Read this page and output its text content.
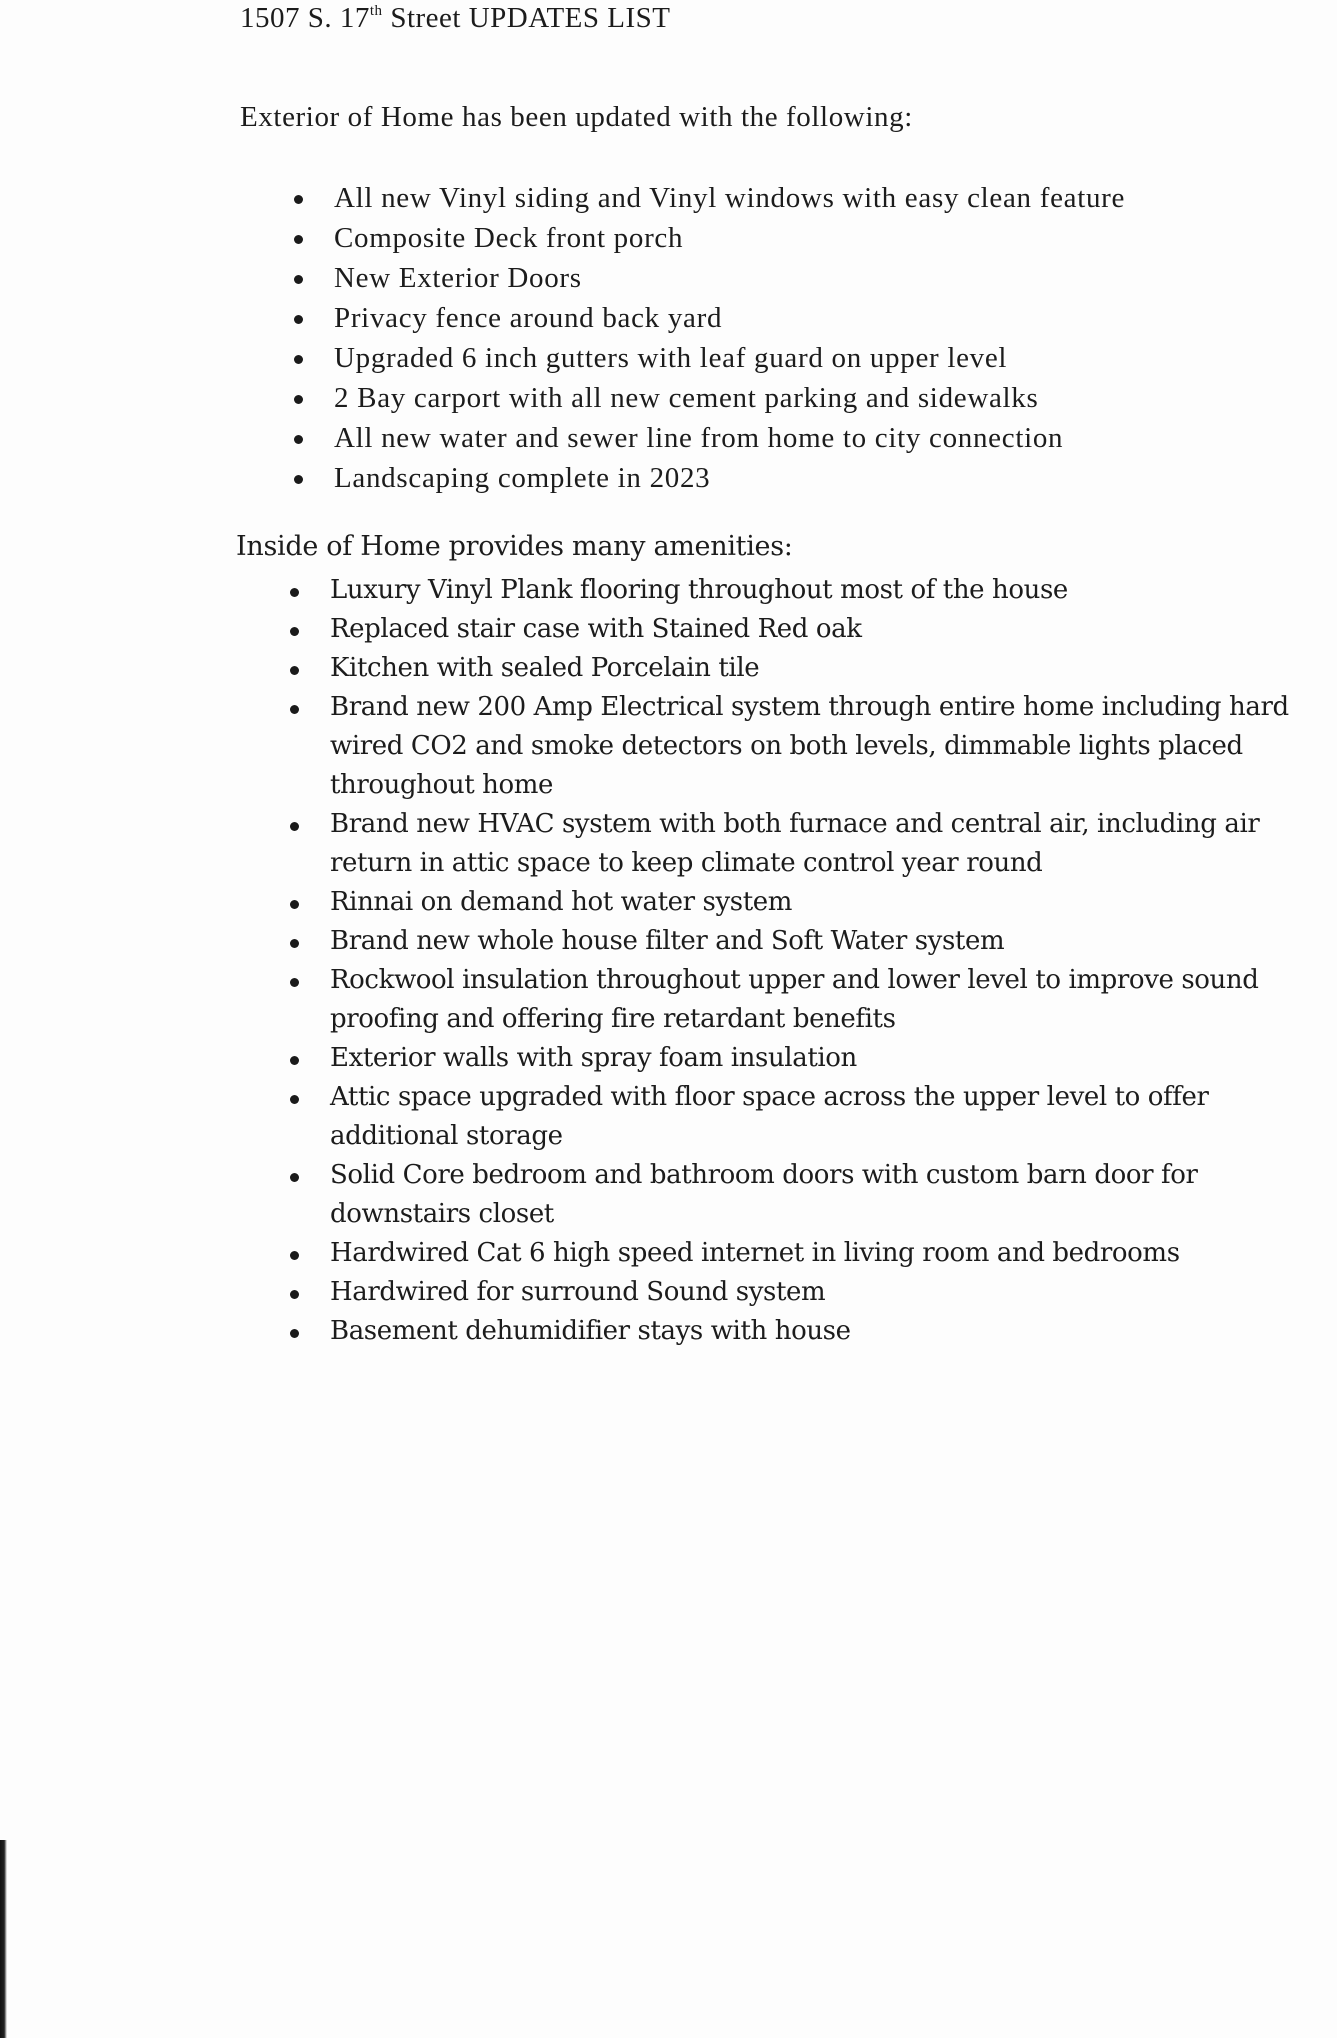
1507 S. 17th Street UPDATES LIST
Exterior of Home has been updated with the following:
All new Vinyl siding and Vinyl windows with easy clean feature
Composite Deck front porch
New Exterior Doors
Privacy fence around back yard
Upgraded 6 inch gutters with leaf guard on upper level
2 Bay carport with all new cement parking and sidewalks
All new water and sewer line from home to city connection
Landscaping complete in 2023
Inside of Home provides many amenities:
Luxury Vinyl Plank flooring throughout most of the house
Replaced stair case with Stained Red oak
Kitchen with sealed Porcelain tile
Brand new 200 Amp Electrical system through entire home including hard
wired CO2 and smoke detectors on both levels, dimmable lights placed
throughout home
Brand new HVAC system with both furnace and central air, including air
return in attic space to keep climate control year round
Rinnai on demand hot water system
Brand new whole house filter and Soft Water system
Rockwool insulation throughout upper and lower level to improve sound
proofing and offering fire retardant benefits
Exterior walls with spray foam insulation
Attic space upgraded with floor space across the upper level to offer
additional storage
Solid Core bedroom and bathroom doors with custom barn door for
downstairs closet
Hardwired Cat 6 high speed internet in living room and bedrooms
Hardwired for surround Sound system
Basement dehumidifier stays with house
